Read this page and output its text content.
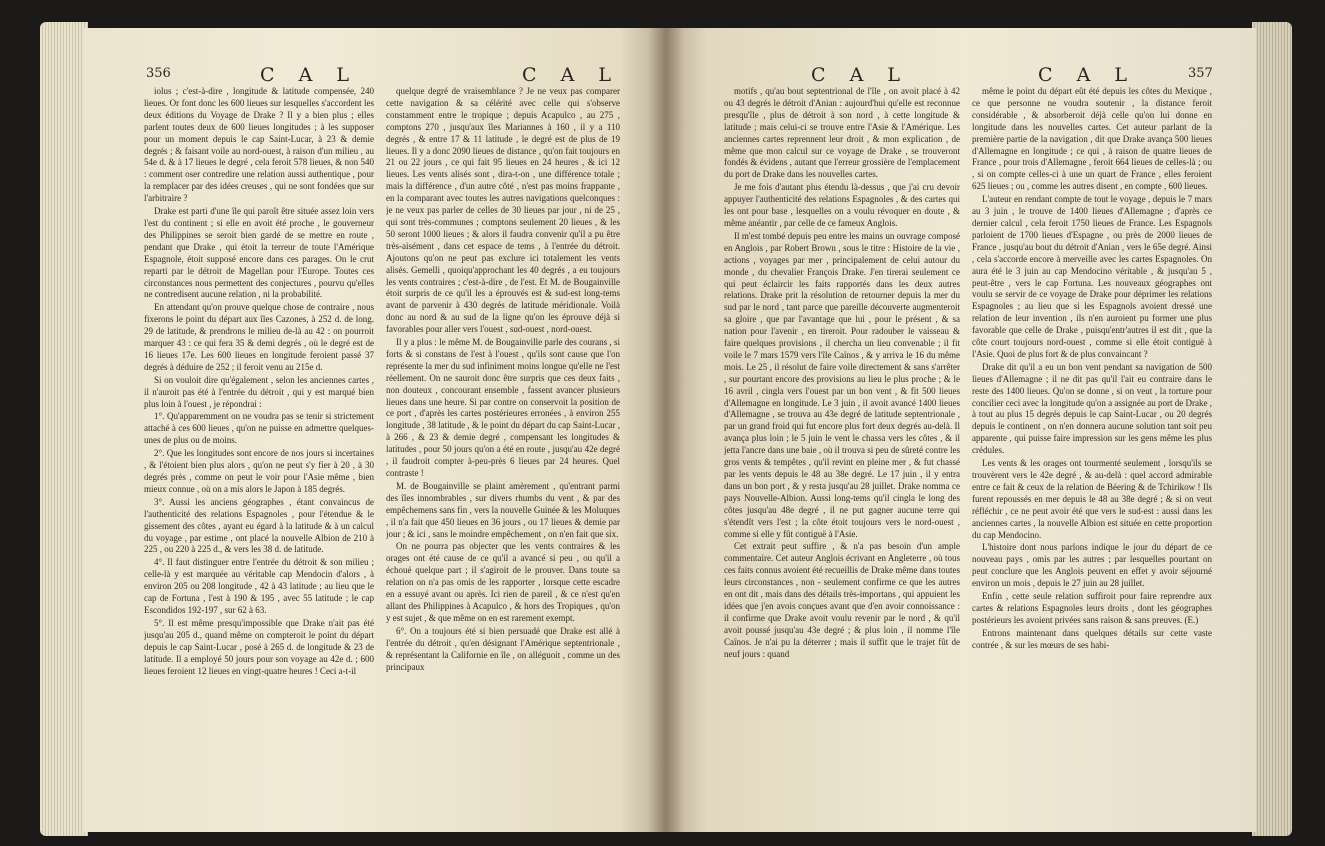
356	C A L	C A L

iolus ; c'est-à-dire , longitude & latitude compensée, 240 lieues. Or font donc les 600 lieues sur lesquelles s'accordent les deux éditions du Voyage de Drake ? Il y a bien plus ; elles parlent toutes deux de 600 lieues longitudes ; à les supposer pour un moment depuis le cap Saint-Lucar, à 23 & demie degrés ; & faisant voile au nord-ouest, à raison d'un milieu , au 54e d. & à 17 lieues le degré , cela feroit 578 lieues, & non 540 : comment oser contredire une relation aussi authentique , pour la remplacer par des idées creuses , qui ne sont fondées que sur l'arbitraire ?

Drake est parti d'une île qui paroît être située assez loin vers l'est du continent ; si elle en avoit été proche , le gouverneur des Philippines se seroit bien gardé de se mettre en route , pendant que Drake , qui étoit la terreur de toute l'Amérique Espagnole, étoit supposé encore dans ces parages. On le crut reparti par le détroit de Magellan pour l'Europe. Toutes ces circonstances nous permettent des conjectures , pourvu qu'elles ne contredisent aucune relation , ni la probabilité.

En attendant qu'on prouve quelque chose de contraire , nous fixerons le point du départ aux îles Cazones, à 252 d. de long. 29 de latitude, & prendrons le milieu de-là au 42 : on pourroit marquer 43 : ce qui fera 35 & demi degrés , où le degré est de 16 lieues 17e. Les 600 lieues en longitude feroient passé 37 degrés à déduire de 252 ; il feroit venu au 215e d.

Si on vouloit dire qu'également , selon les anciennes cartes , il n'auroit pas été à l'entrée du détroit , qui y est marqué bien plus loin à l'ouest , je répondrai :

1°. Qu'apparemment on ne voudra pas se tenir si strictement attaché à ces 600 lieues , qu'on ne puisse en admettre quelques-unes de plus ou de moins.

2°. Que les longitudes sont encore de nos jours si incertaines , & l'étoient bien plus alors , qu'on ne peut s'y fier à 20 , à 30 degrés près , comme on peut le voir pour l'Asie même , bien mieux connue , où on a mis alors le Japon à 185 degrés.

3°. Aussi les anciens géographes , étant convaincus de l'authenticité des relations Espagnoles , pour l'étendue & le gissement des côtes , ayant eu égard à la latitude & à un calcul du voyage , par estime , ont placé la nouvelle Albion de 210 à 225 , ou 220 à 225 d., & vers les 38 d. de latitude.

4°. Il faut distinguer entre l'entrée du détroit & son milieu ; celle-là y est marquée au véritable cap Mendocin d'alors , à environ 205 ou 208 longitude , 42 à 43 latitude ; au lieu que le cap de Fortuna , l'est à 190 & 195 , avec 55 latitude ; le cap Escondidos 192-197 , sur 62 à 63.

5°. Il est même presqu'impossible que Drake n'ait pas été jusqu'au 205 d., quand même on compteroit le point du départ depuis le cap Saint-Lucar , posé à 265 d. de longitude & 23 de latitude. Il a employé 50 jours pour son voyage au 42e d. ; 600 lieues feroient 12 lieues en vingt-quatre heures ! Ceci a-t-il

quelque degré de vraisemblance ? Je ne veux pas comparer cette navigation & sa célérité avec celle qui s'observe constamment entre le tropique ; depuis Acapulco , au 275 , comptons 270 , jusqu'aux îles Mariannes à 160 , il y a 110 degrés , & entre 17 & 11 latitude , le degré est de plus de 19 lieues. Il y a donc 2090 lieues de distance , qu'on fait toujours en 21 ou 22 jours , ce qui fait 95 lieues en 24 heures , & ici 12 lieues. Les vents alisés sont , dira-t-on , une différence totale ; mais la différence , d'un autre côté , n'est pas moins frappante , en la comparant avec toutes les autres navigations quelconques : je ne veux pas parler de celles de 30 lieues par jour , ni de 25 , qui sont très-communes ; comptons seulement 20 lieues , & les 50 seront 1000 lieues ; & alors il faudra convenir qu'il a pu être très-aisément , dans cet espace de tems , à l'entrée du détroit. Ajoutons qu'on ne peut pas exclure ici totalement les vents alisés. Gemelli , quoiqu'approchant les 40 degrés , a eu toujours les vents contraires ; c'est-à-dire , de l'est. Et M. de Bougainville étoit surpris de ce qu'il les a éprouvés est & sud-est long-tems avant de parvenir à 430 degrés de latitude méridionale. Voilà donc au nord & au sud de la ligne qu'on les éprouve déjà si favorables pour aller vers l'ouest , sud-ouest , nord-ouest.

Il y a plus : le même M. de Bougainville parle des courans , si forts & si constans de l'est à l'ouest , qu'ils sont cause que l'on représente la mer du sud infiniment moins longue qu'elle ne l'est réellement. On ne sauroit donc être surpris que ces deux faits , non douteux , concourant ensemble , fassent avancer plusieurs lieues dans une heure. Si par contre on conservoit la position de ce port , d'après les cartes postérieures erronées , à environ 255 longitude , 38 latitude , & le point du départ du cap Saint-Lucar , à 266 , & 23 & demie degré , compensant les longitudes & latitudes , pour 50 jours qu'on a été en route , jusqu'au 42e degré , il faudroit compter à-peu-près 6 lieues par 24 heures. Quel contraste !

M. de Bougainville se plaint amèrement , qu'entrant parmi des îles innombrables , sur divers rhumbs du vent , & par des empêchemens sans fin , vers la nouvelle Guinée & les Moluques , il n'a fait que 450 lieues en 36 jours , ou 17 lieues & demie par jour ; & ici , sans le moindre empêchement , on n'en fait que six.

On ne pourra pas objecter que les vents contraires & les orages ont été cause de ce qu'il a avancé si peu , ou qu'il a échoué quelque part ; il s'agiroit de le prouver. Dans toute sa relation on n'a pas omis de les rapporter , lorsque cette escadre en a essuyé avant ou après. Ici rien de pareil , & ce n'est qu'en allant des Philippines à Acapulco , & hors des Tropiques , qu'on y est sujet , & que même on en est rarement exempt.

6°. On a toujours été si bien persuadé que Drake est allé à l'entrée du détroit , qu'en désignant l'Amérique septentrionale , & représentant la Californie en île , on alléguoit , comme un des principaux

C A L	C A L	357

motifs , qu'au bout septentrional de l'île , on avoit placé à 42 ou 43 degrés le détroit d'Anian : aujourd'hui qu'elle est reconnue presqu'île , plus de détroit à son nord , à cette longitude & latitude ; mais celui-ci se trouve entre l'Asie & l'Amérique. Les anciennes cartes reprennent leur droit , & mon explication , de même que mon calcul sur ce voyage de Drake , se trouveront fondés & évidens , autant que l'erreur grossière de l'emplacement du port de Drake dans les nouvelles cartes.

Je me fois d'autant plus étendu là-dessus , que j'ai cru devoir appuyer l'authenticité des relations Espagnoles , & des cartes qui les ont pour base , lesquelles on a voulu révoquer en doute , & même anéantir , par celle de ce fameux Anglois.

Il m'est tombé depuis peu entre les mains un ouvrage composé en Anglois , par Robert Brown , sous le titre : Histoire de la vie , actions , voyages par mer , principalement de celui autour du monde , du chevalier François Drake. J'en tirerai seulement ce qui peut éclaircir les faits rapportés dans les deux autres relations. Drake prit la résolution de retourner depuis la mer du sud par le nord , tant parce que pareille découverte augmenteroit sa gloire , que par l'avantage que lui , pour le présent , & sa nation pour l'avenir , en tireroit. Pour radouber le vaisseau & faire quelques provisions , il chercha un lieu convenable ; il fit voile le 7 mars 1579 vers l'île Caïnos , & y arriva le 16 du même mois. Le 25 , il résolut de faire voile directement & sans s'arrêter , sur pourtant encore des provisions au lieu le plus proche ; & le 16 avril , cingla vers l'ouest par un bon vent , & fit 500 lieues d'Allemagne en longitude. Le 3 juin , il avoit avancé 1400 lieues d'Allemagne , se trouva au 43e degré de latitude septentrionale , par un grand froid qui fut encore plus fort deux degrés au-delà. Il avança plus loin ; le 5 juin le vent le chassa vers les côtes , & il jetta l'ancre dans une baie , où il trouva si peu de sûreté contre les gros vents & tempêtes , qu'il revint en pleine mer , & fut chassé par les vents depuis le 48 au 38e degré. Le 17 juin , il y entra dans un bon port , & y resta jusqu'au 28 juillet. Drake nomma ce pays Nouvelle-Albion. Aussi long-tems qu'il cingla le long des côtes jusqu'au 48e degré , il ne put gagner aucune terre qui s'étendît vers l'est ; la côte étoit toujours vers le nord-ouest , comme si elle y fût contiguë à l'Asie.

Cet extrait peut suffire , & n'a pas besoin d'un ample commentaire. Cet auteur Anglois écrivant en Angleterre , où tous ces faits connus avoient été recueillis de Drake même dans toutes leurs circonstances , non - seulement confirme ce que les autres en ont dit , mais dans des détails très-importans , qui appuient les idées que j'en avois conçues avant que d'en avoir connoissance : il confirme que Drake avoit voulu revenir par le nord , & qu'il avoit poussé jusqu'au 43e degré ; & plus loin , il nomme l'île Caïnos. Je n'ai pu la déterrer ; mais il suffit que le trajet fût de neuf jours : quand

même le point du départ eût été depuis les côtes du Mexique , ce que personne ne voudra soutenir , la distance feroit considérable , & absorberoit déjà celle qu'on lui donne en longitude dans les nouvelles cartes. Cet auteur parlant de la première partie de la navigation , dit que Drake avança 500 lieues d'Allemagne en longitude ; ce qui , à raison de quatre lieues de France , pour trois d'Allemagne , feroit 664 lieues de celles-là ; ou , si on compte celles-ci à une un quart de France , elles feroient 625 lieues ; ou , comme les autres disent , en compte , 600 lieues.

L'auteur en rendant compte de tout le voyage , depuis le 7 mars au 3 juin , le trouve de 1400 lieues d'Allemagne ; d'après ce dernier calcul , cela feroit 1750 lieues de France. Les Espagnols parloient de 1700 lieues d'Espagne , ou près de 2000 lieues de France , jusqu'au bout du détroit d'Anian , vers le 65e degré. Ainsi , cela s'accorde encore à merveille avec les cartes Espagnoles. On aura été le 3 juin au cap Mendocino véritable , & jusqu'au 5 , peut-être , vers le cap Fortuna. Les nouveaux géographes ont voulu se servir de ce voyage de Drake pour déprimer les relations Espagnoles ; au lieu que si les Espagnols avoient dressé une relation de leur invention , ils n'en auroient pu former une plus favorable que celle de Drake , puisqu'entr'autres il est dit , que la côte court toujours nord-ouest , comme si elle étoit contiguë à l'Asie. Quoi de plus fort & de plus convaincant ?

Drake dit qu'il a eu un bon vent pendant sa navigation de 500 lieues d'Allemagne ; il ne dit pas qu'il l'ait eu contraire dans le reste des 1400 lieues. Qu'on se donne , si on veut , la torture pour concilier ceci avec la longitude qu'on a assignée au port de Drake , à tout au plus 15 degrés depuis le cap Saint-Lucar , ou 20 degrés depuis le continent , on n'en donnera aucune solution tant soit peu apparente , qui puisse faire impression sur les gens même les plus crédules.

Les vents & les orages ont tourmenté seulement , lorsqu'ils se trouvèrent vers le 42e degré , & au-delà : quel accord admirable entre ce fait & ceux de la relation de Béering & de Tchirikow ! Ils furent repoussés en mer depuis le 48 au 38e degré ; & si on veut réfléchir , ce ne peut avoir été que vers le sud-est : aussi dans les anciennes cartes , la nouvelle Albion est située en cette proportion du cap Mendocino.

L'histoire dont nous parlons indique le jour du départ de ce nouveau pays , omis par les autres ; par lesquelles pourtant on peut conclure que les Anglois peuvent en effet y avoir séjourné environ un mois , depuis le 27 juin au 28 juillet.

Enfin , cette seule relation suffiroit pour faire reprendre aux cartes & relations Espagnoles leurs droits , dont les géographes postérieurs les avoient privées sans raison & sans preuves. (E.)

Entrons maintenant dans quelques détails sur cette vaste contrée , & sur les mœurs de ses habi-
